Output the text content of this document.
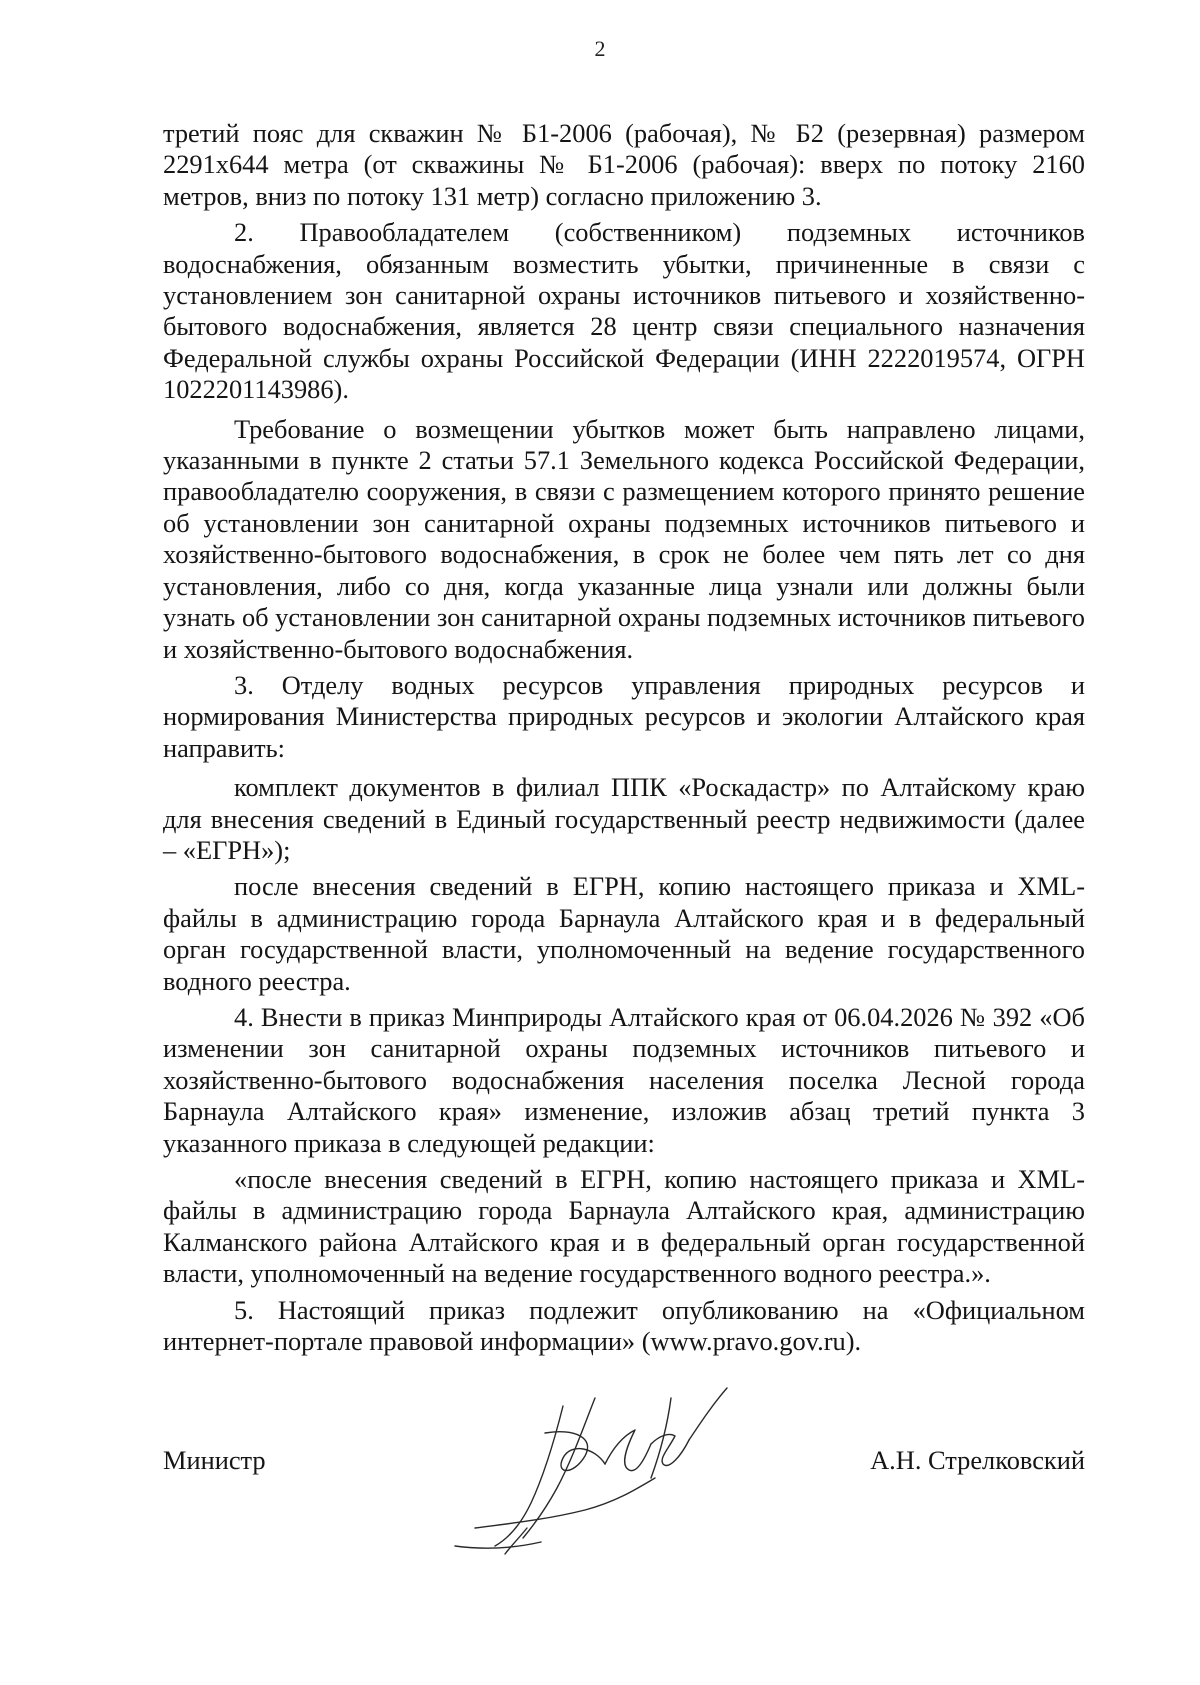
2

третий пояс для скважин № Б1-2006 (рабочая), № Б2 (резервная) размером 2291х644 метра (от скважины № Б1-2006 (рабочая): вверх по потоку 2160 метров, вниз по потоку 131 метр) согласно приложению 3.

2. Правообладателем (собственником) подземных источников водоснабжения, обязанным возместить убытки, причиненные в связи с установлением зон санитарной охраны источников питьевого и хозяйственно-бытового водоснабжения, является 28 центр связи специального назначения Федеральной службы охраны Российской Федерации (ИНН 2222019574, ОГРН 1022201143986).

Требование о возмещении убытков может быть направлено лицами, указанными в пункте 2 статьи 57.1 Земельного кодекса Российской Федерации, правообладателю сооружения, в связи с размещением которого принято решение об установлении зон санитарной охраны подземных источников питьевого и хозяйственно-бытового водоснабжения, в срок не более чем пять лет со дня установления, либо со дня, когда указанные лица узнали или должны были узнать об установлении зон санитарной охраны подземных источников питьевого и хозяйственно-бытового водоснабжения.

3. Отделу водных ресурсов управления природных ресурсов и нормирования Министерства природных ресурсов и экологии Алтайского края направить:

комплект документов в филиал ППК «Роскадастр» по Алтайскому краю для внесения сведений в Единый государственный реестр недвижимости (далее – «ЕГРН»);

после внесения сведений в ЕГРН, копию настоящего приказа и XML-файлы в администрацию города Барнаула Алтайского края и в федеральный орган государственной власти, уполномоченный на ведение государственного водного реестра.

4. Внести в приказ Минприроды Алтайского края от 06.04.2026 № 392 «Об изменении зон санитарной охраны подземных источников питьевого и хозяйственно-бытового водоснабжения населения поселка Лесной города Барнаула Алтайского края» изменение, изложив абзац третий пункта 3 указанного приказа в следующей редакции:

«после внесения сведений в ЕГРН, копию настоящего приказа и XML-файлы в администрацию города Барнаула Алтайского края, администрацию Калманского района Алтайского края и в федеральный орган государственной власти, уполномоченный на ведение государственного водного реестра.».

5. Настоящий приказ подлежит опубликованию на «Официальном интернет-портале правовой информации» (www.pravo.gov.ru).

Министр	А.Н. Стрелковский
